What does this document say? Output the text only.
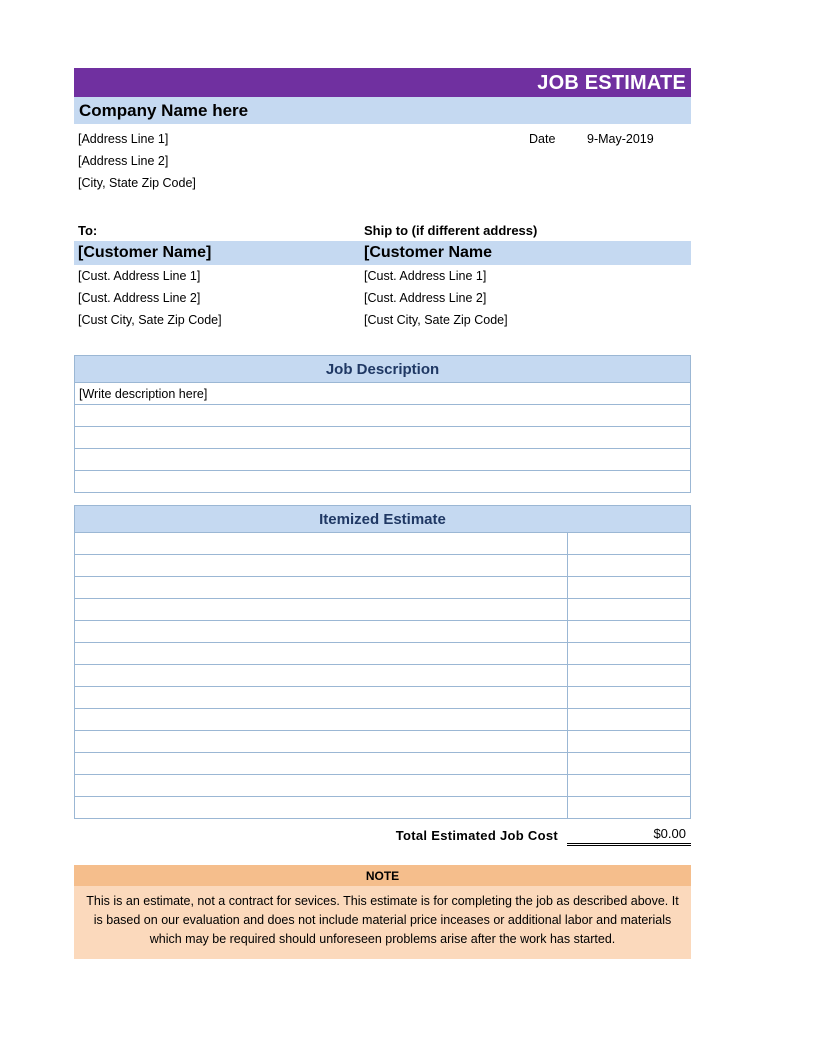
JOB ESTIMATE
Company Name here
[Address Line 1]
[Address Line 2]
[City, State Zip Code]
Date	9-May-2019
To:	Ship to (if different address)
[Customer Name]	[Customer Name
[Cust. Address Line 1]	[Cust. Address Line 1]
[Cust. Address Line 2]	[Cust. Address Line 2]
[Cust City, Sate Zip Code]	[Cust City, Sate Zip Code]
Job Description
[Write description here]
Itemized Estimate
Total Estimated Job Cost	$0.00
NOTE
This is an estimate, not a contract for sevices. This estimate is for completing the job as described above. It is based on our evaluation and does not include material price inceases or additional labor and materials which may be required should unforeseen problems arise after the work has started.
